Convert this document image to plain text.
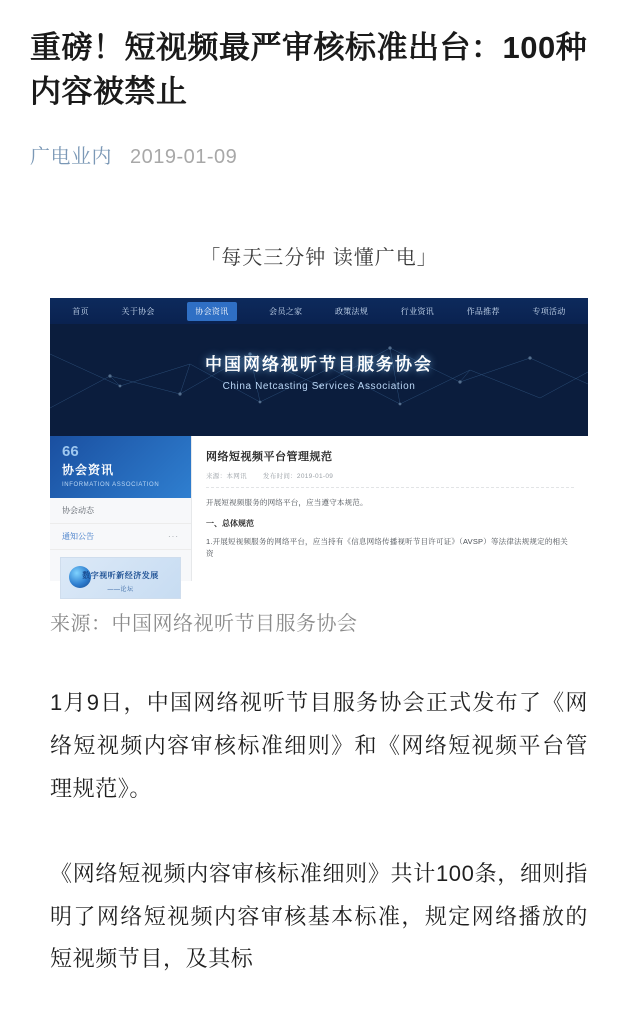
重磅！短视频最严审核标准出台：100种内容被禁止
广电业内 2019-01-09
「每天三分钟 读懂广电」
首页	关于协会	协会资讯	会员之家	政策法规	行业资讯	作品推荐	专项活动
中国网络视听节目服务协会
China Netcasting Services Association
66
协会资讯
INFORMATION ASSOCIATION
协会动态
通知公告	···
数字视听新经济发展
——论坛
网络短视频平台管理规范
来源：本网讯 发布时间：2019-01-09
开展短视频服务的网络平台，应当遵守本规范。
一、总体规范
1.开展短视频服务的网络平台，应当持有《信息网络传播视听节目许可证》（AVSP）等法律法规规定的相关资
来源：中国网络视听节目服务协会

1月9日，中国网络视听节目服务协会正式发布了《网络短视频内容审核标准细则》和《网络短视频平台管理规范》。

《网络短视频内容审核标准细则》共计100条，细则指明了网络短视频内容审核基本标准，规定网络播放的短视频节目，及其标
